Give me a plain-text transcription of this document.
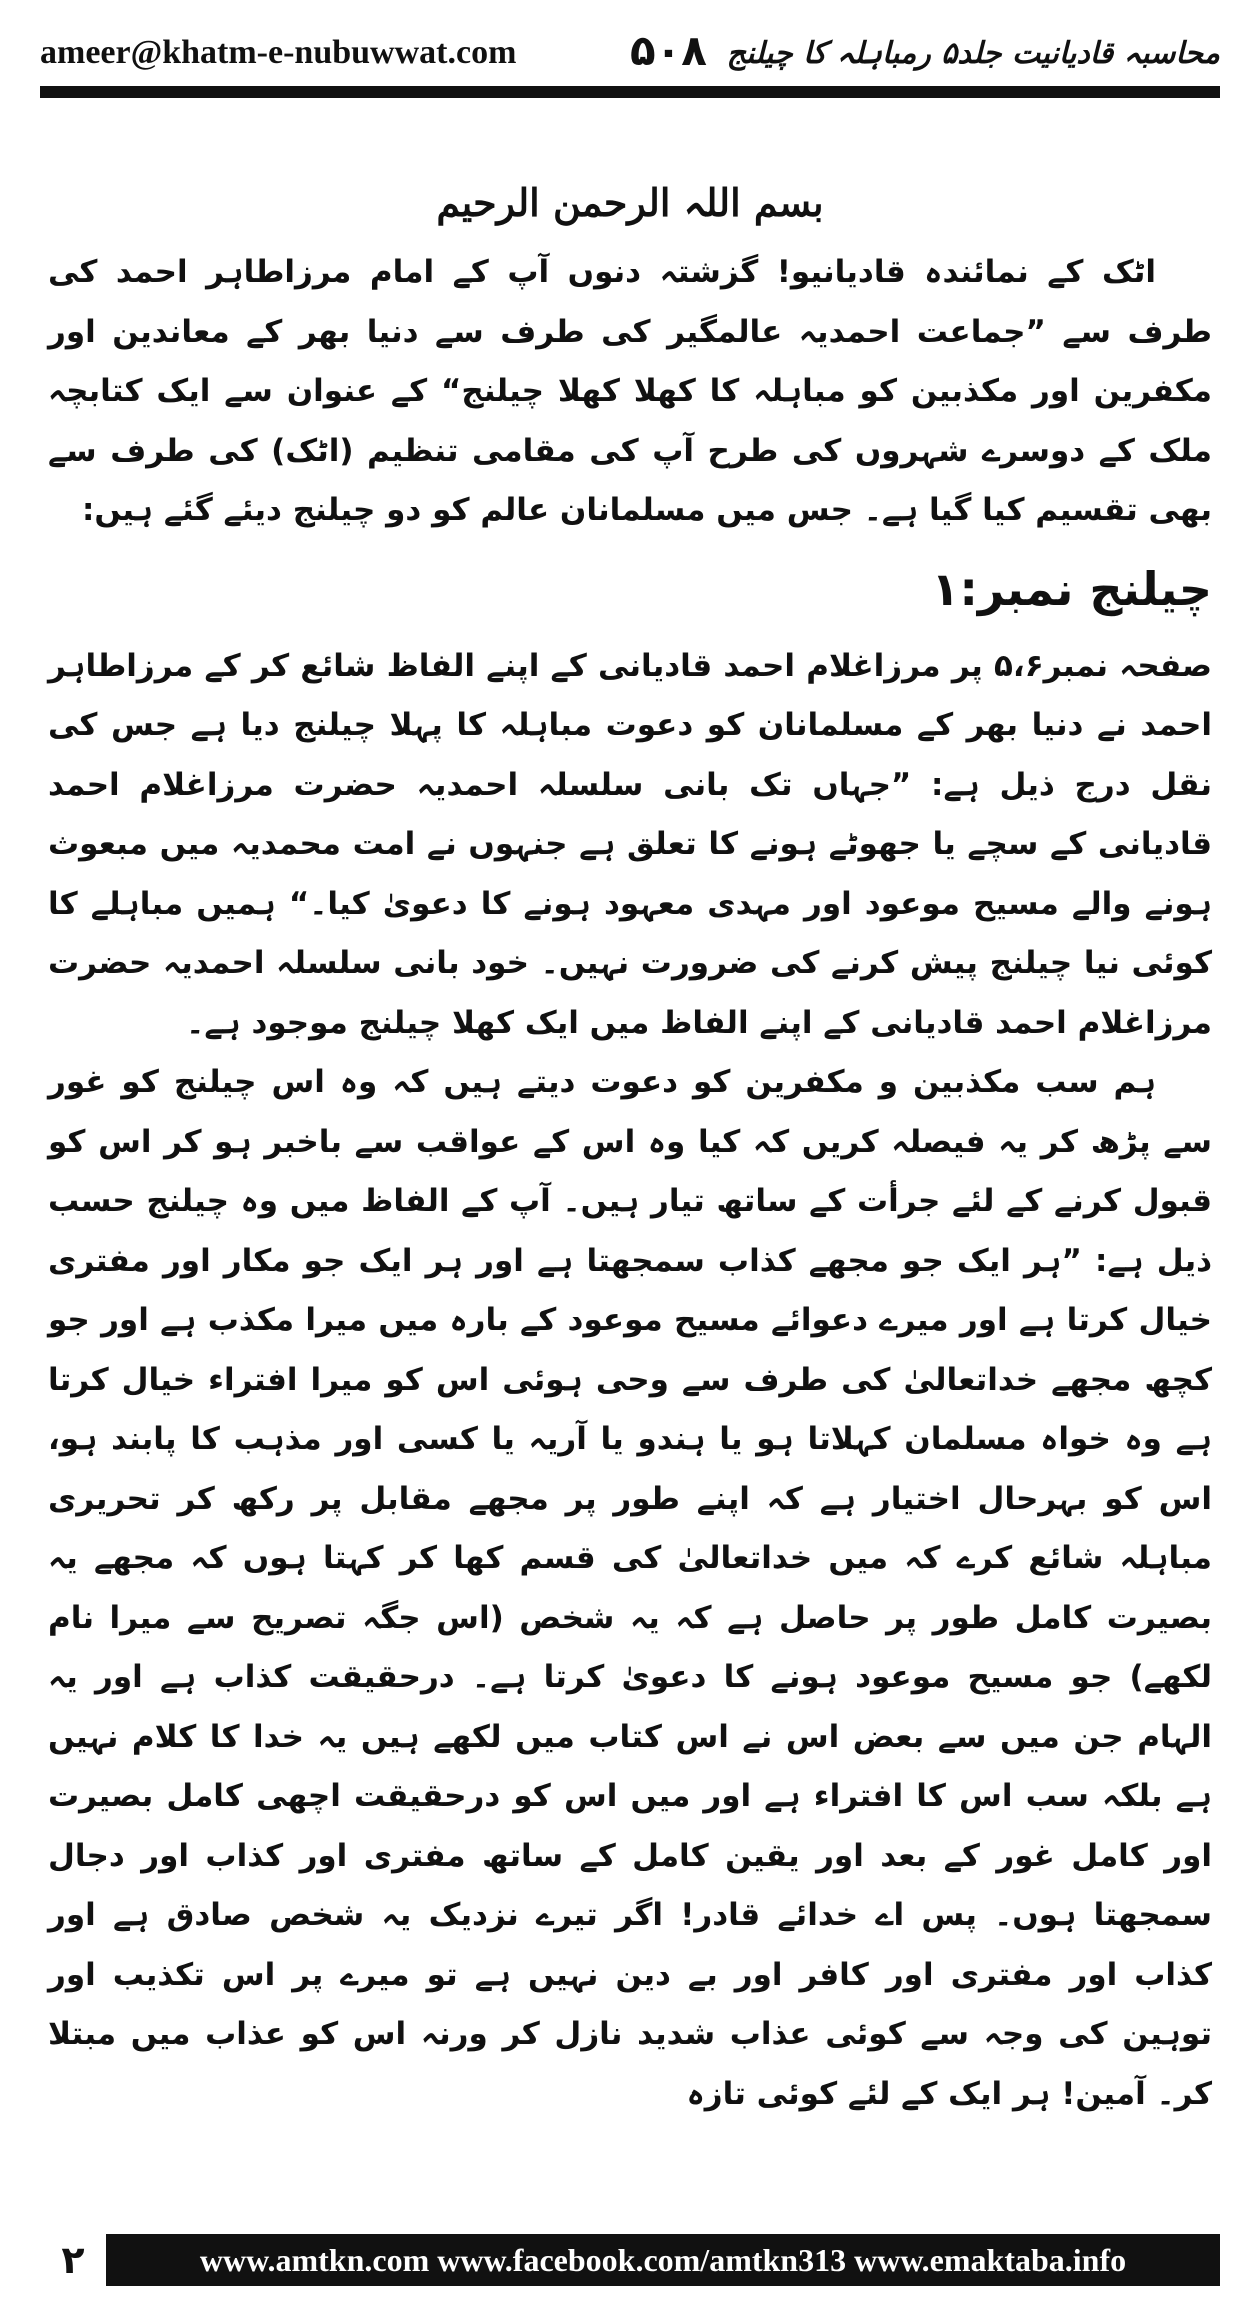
ameer@khatm-e-nubuwwat.com	۵۰۸ محاسبہ قادیانیت جلد۵ رمباہلہ کا چیلنج
بسم اللہ الرحمن الرحیم

اٹک کے نمائندہ قادیانیو! گزشتہ دنوں آپ کے امام مرزاطاہر احمد کی طرف سے ”جماعت احمدیہ عالمگیر کی طرف سے دنیا بھر کے معاندین اور مکفرین اور مکذبین کو مباہلہ کا کھلا کھلا چیلنج“ کے عنوان سے ایک کتابچہ ملک کے دوسرے شہروں کی طرح آپ کی مقامی تنظیم (اٹک) کی طرف سے بھی تقسیم کیا گیا ہے۔ جس میں مسلمانان عالم کو دو چیلنج دیئے گئے ہیں:

چیلنج نمبر:۱

صفحہ نمبر۵،۶ پر مرزاغلام احمد قادیانی کے اپنے الفاظ شائع کر کے مرزاطاہر احمد نے دنیا بھر کے مسلمانان کو دعوت مباہلہ کا پہلا چیلنج دیا ہے جس کی نقل درج ذیل ہے: ”جہاں تک بانی سلسلہ احمدیہ حضرت مرزاغلام احمد قادیانی کے سچے یا جھوٹے ہونے کا تعلق ہے جنہوں نے امت محمدیہ میں مبعوث ہونے والے مسیح موعود اور مہدی معہود ہونے کا دعویٰ کیا۔“ ہمیں مباہلے کا کوئی نیا چیلنج پیش کرنے کی ضرورت نہیں۔ خود بانی سلسلہ احمدیہ حضرت مرزاغلام احمد قادیانی کے اپنے الفاظ میں ایک کھلا چیلنج موجود ہے۔

ہم سب مکذبین و مکفرین کو دعوت دیتے ہیں کہ وہ اس چیلنج کو غور سے پڑھ کر یہ فیصلہ کریں کہ کیا وہ اس کے عواقب سے باخبر ہو کر اس کو قبول کرنے کے لئے جرأت کے ساتھ تیار ہیں۔ آپ کے الفاظ میں وہ چیلنج حسب ذیل ہے: ”ہر ایک جو مجھے کذاب سمجھتا ہے اور ہر ایک جو مکار اور مفتری خیال کرتا ہے اور میرے دعوائے مسیح موعود کے بارہ میں میرا مکذب ہے اور جو کچھ مجھے خداتعالیٰ کی طرف سے وحی ہوئی اس کو میرا افتراء خیال کرتا ہے وہ خواہ مسلمان کہلاتا ہو یا ہندو یا آریہ یا کسی اور مذہب کا پابند ہو، اس کو بہرحال اختیار ہے کہ اپنے طور پر مجھے مقابل پر رکھ کر تحریری مباہلہ شائع کرے کہ میں خداتعالیٰ کی قسم کھا کر کہتا ہوں کہ مجھے یہ بصیرت کامل طور پر حاصل ہے کہ یہ شخص (اس جگہ تصریح سے میرا نام لکھے) جو مسیح موعود ہونے کا دعویٰ کرتا ہے۔ درحقیقت کذاب ہے اور یہ الہام جن میں سے بعض اس نے اس کتاب میں لکھے ہیں یہ خدا کا کلام نہیں ہے بلکہ سب اس کا افتراء ہے اور میں اس کو درحقیقت اچھی کامل بصیرت اور کامل غور کے بعد اور یقین کامل کے ساتھ مفتری اور کذاب اور دجال سمجھتا ہوں۔ پس اے خدائے قادر! اگر تیرے نزدیک یہ شخص صادق ہے اور کذاب اور مفتری اور کافر اور بے دین نہیں ہے تو میرے پر اس تکذیب اور توہین کی وجہ سے کوئی عذاب شدید نازل کر ورنہ اس کو عذاب میں مبتلا کر۔ آمین! ہر ایک کے لئے کوئی تازہ

۲	www.amtkn.com www.facebook.com/amtkn313 www.emaktaba.info
